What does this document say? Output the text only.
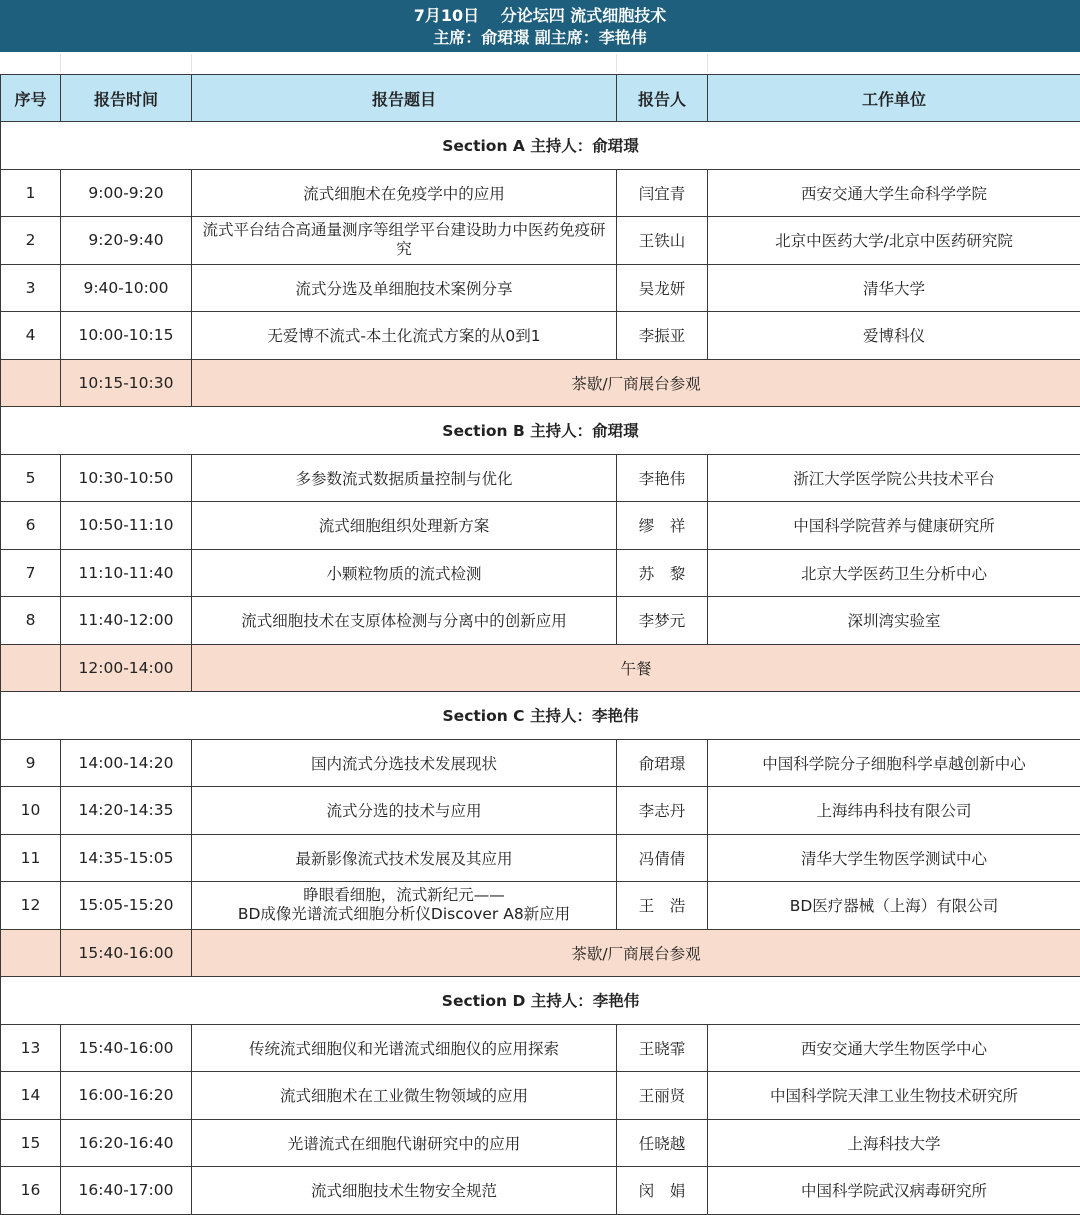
7月10日　 分论坛四 流式细胞技术
主席：俞珺璟 副主席：李艳伟
序号	报告时间	报告题目	报告人	工作单位
Section A 主持人：俞珺璟				
1	9:00-9:20	流式细胞术在免疫学中的应用	闫宜青	西安交通大学生命科学学院
2	9:20-9:40	流式平台结合高通量测序等组学平台建设助力中医药免疫研究	王铁山	北京中医药大学/北京中医药研究院
3	9:40-10:00	流式分选及单细胞技术案例分享	吴龙妍	清华大学
4	10:00-10:15	无爱博不流式-本土化流式方案的从0到1	李振亚	爱博科仪
	10:15-10:30	茶歇/厂商展台参观		
Section B 主持人：俞珺璟				
5	10:30-10:50	多参数流式数据质量控制与优化	李艳伟	浙江大学医学院公共技术平台
6	10:50-11:10	流式细胞组织处理新方案	缪　祥	中国科学院营养与健康研究所
7	11:10-11:40	小颗粒物质的流式检测	苏　黎	北京大学医药卫生分析中心
8	11:40-12:00	流式细胞技术在支原体检测与分离中的创新应用	李梦元	深圳湾实验室
	12:00-14:00	午餐		
Section C 主持人：李艳伟				
9	14:00-14:20	国内流式分选技术发展现状	俞珺璟	中国科学院分子细胞科学卓越创新中心
10	14:20-14:35	流式分选的技术与应用	李志丹	上海纬冉科技有限公司
11	14:35-15:05	最新影像流式技术发展及其应用	冯倩倩	清华大学生物医学测试中心
12	15:05-15:20	睁眼看细胞，流式新纪元——
BD成像光谱流式细胞分析仪Discover A8新应用	王　浩	BD医疗器械（上海）有限公司
	15:40-16:00	茶歇/厂商展台参观		
Section D 主持人：李艳伟				
13	15:40-16:00	传统流式细胞仪和光谱流式细胞仪的应用探索	王晓霏	西安交通大学生物医学中心
14	16:00-16:20	流式细胞术在工业微生物领域的应用	王丽贤	中国科学院天津工业生物技术研究所
15	16:20-16:40	光谱流式在细胞代谢研究中的应用	任晓越	上海科技大学
16	16:40-17:00	流式细胞技术生物安全规范	闵　娟	中国科学院武汉病毒研究所
